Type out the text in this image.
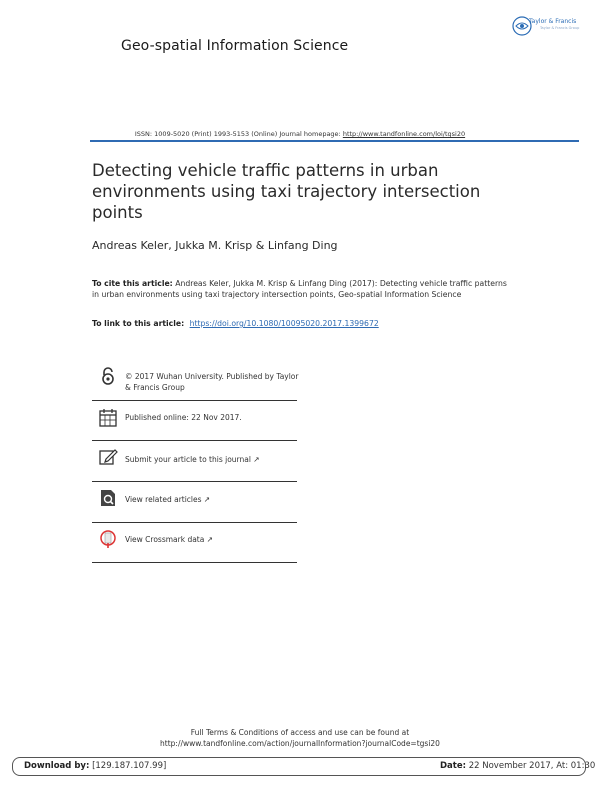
Geo-spatial Information Science
Taylor & Francis
Taylor & Francis Group
ISSN: 1009-5020 (Print) 1993-5153 (Online) Journal homepage: http://www.tandfonline.com/loi/tgsi20
Detecting vehicle traffic patterns in urban environments using taxi trajectory intersection points
Andreas Keler, Jukka M. Krisp & Linfang Ding
To cite this article: Andreas Keler, Jukka M. Krisp & Linfang Ding (2017): Detecting vehicle traffic patterns in urban environments using taxi trajectory intersection points, Geo-spatial Information Science
To link to this article: https://doi.org/10.1080/10095020.2017.1399672
© 2017 Wuhan University. Published by Taylor & Francis Group
Published online: 22 Nov 2017.
Submit your article to this journal ↗
View related articles ↗
View Crossmark data ↗
Full Terms & Conditions of access and use can be found at
http://www.tandfonline.com/action/journalInformation?journalCode=tgsi20
Download by: [129.187.107.99]	Date: 22 November 2017, At: 01:30
